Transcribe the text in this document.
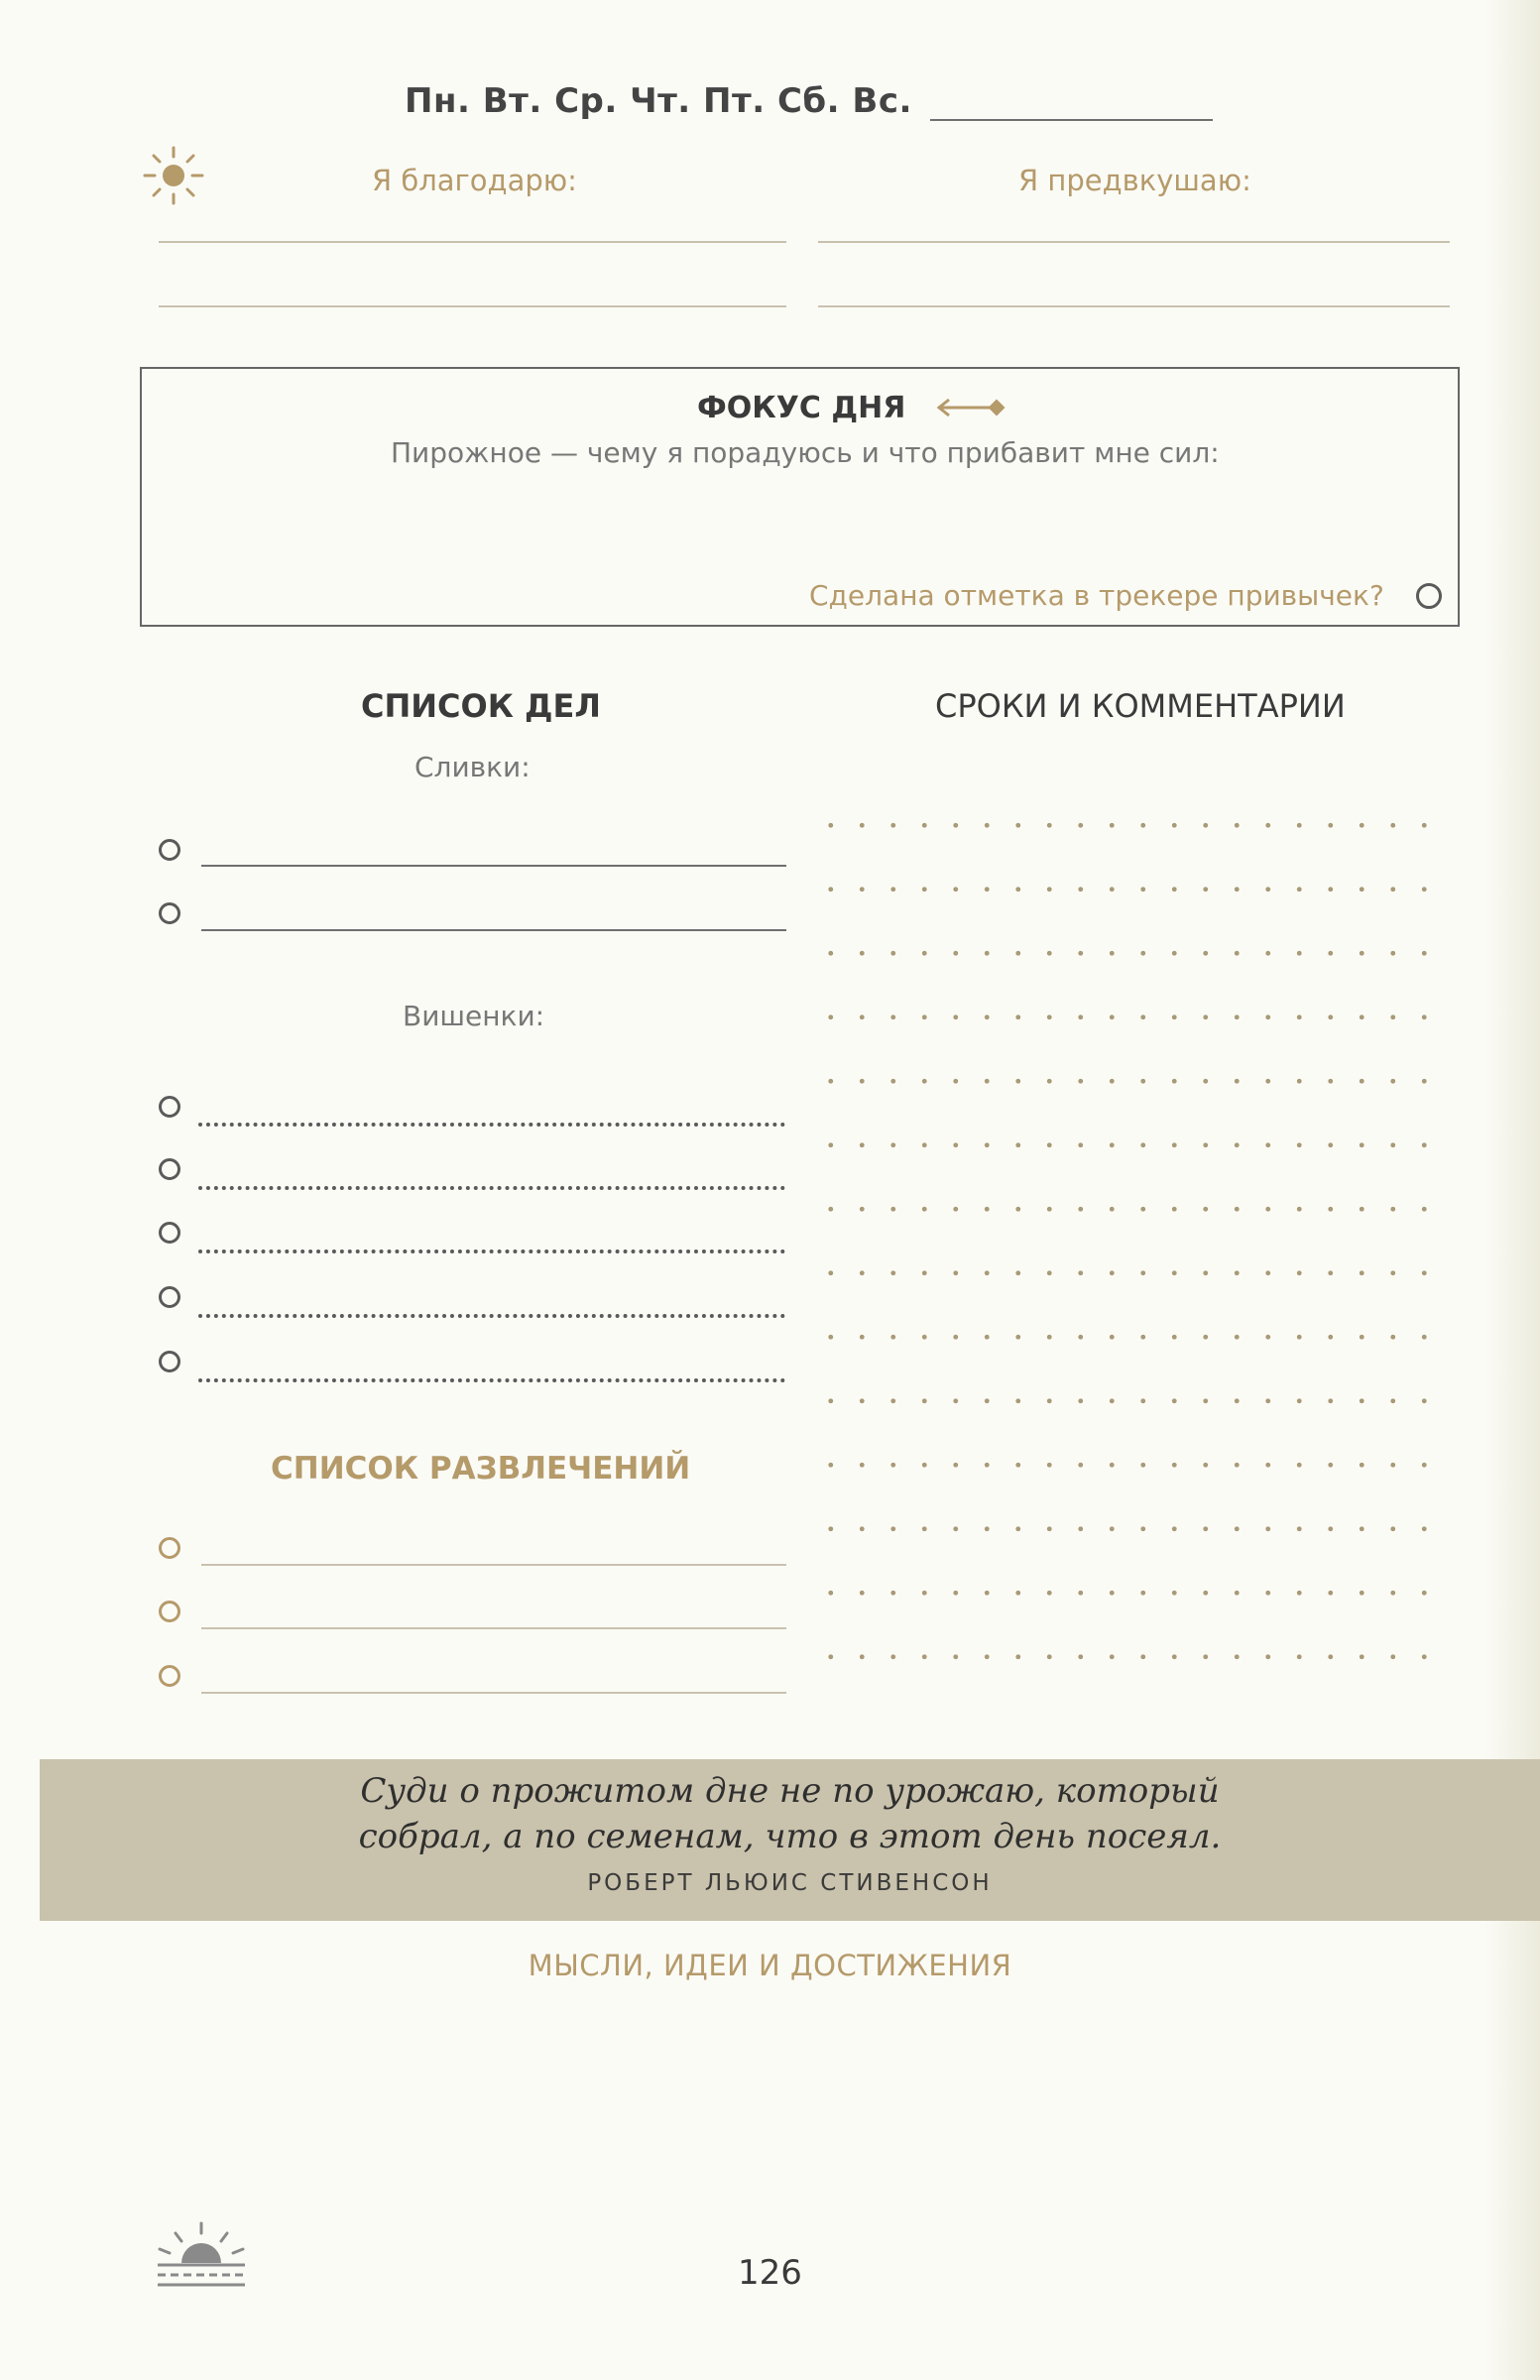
Пн. Вт. Ср. Чт. Пт. Сб. Вс.
Я благодарю:	Я предвкушаю:
ФОКУС ДНЯ
Пирожное — чему я порадуюсь и что прибавит мне сил:
Сделана отметка в трекере привычек?
СПИСОК ДЕЛ	СРОКИ И КОММЕНТАРИИ
Сливки:
Вишенки:
СПИСОК РАЗВЛЕЧЕНИЙ
Суди о прожитом дне не по урожаю, который
собрал, а по семенам, что в этот день посеял.
РОБЕРТ ЛЬЮИС СТИВЕНСОН
МЫСЛИ, ИДЕИ И ДОСТИЖЕНИЯ
126
